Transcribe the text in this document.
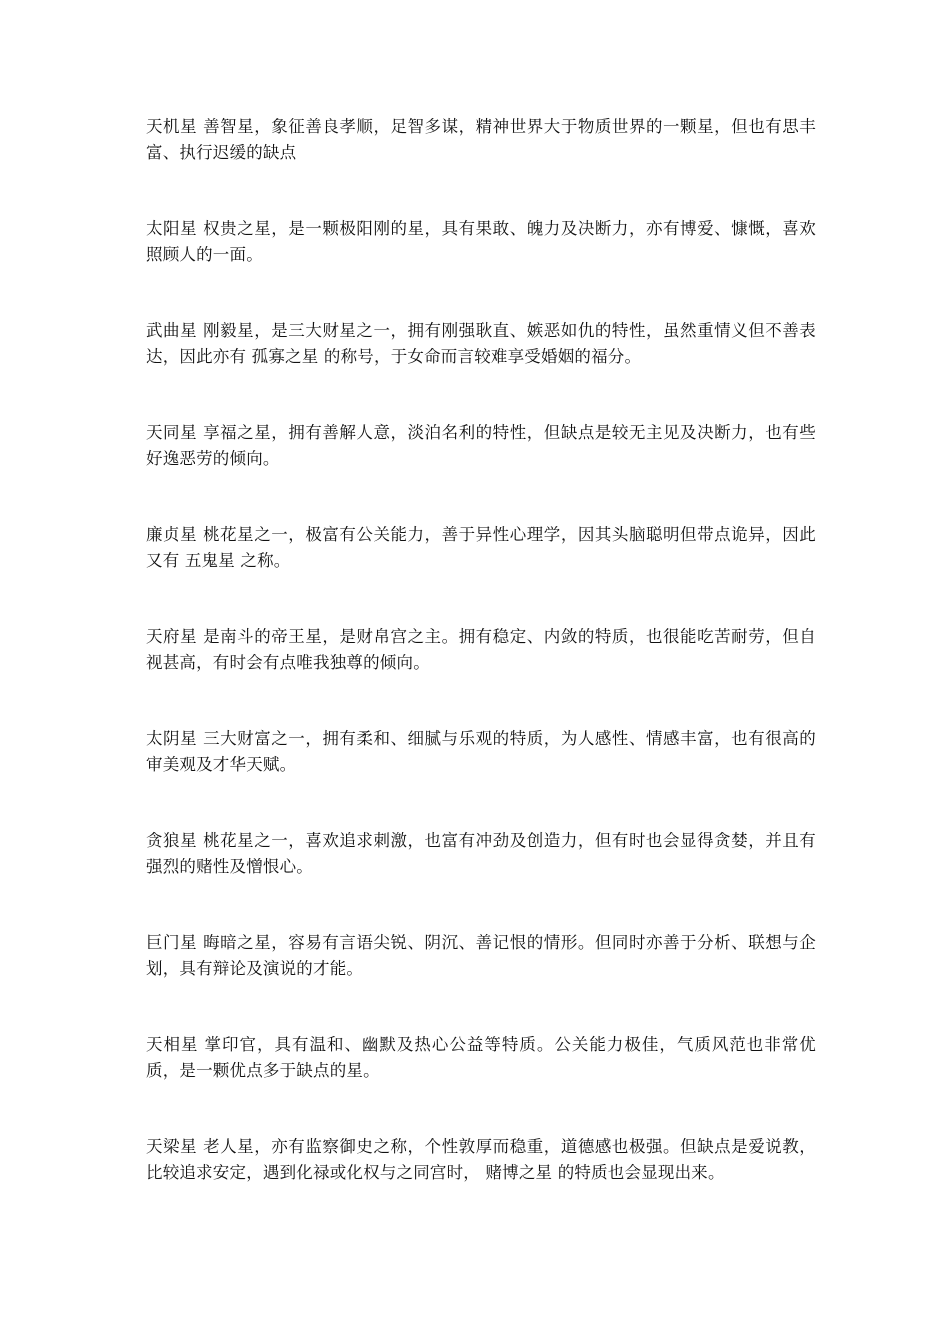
天机星 善智星，象征善良孝顺，足智多谋，精神世界大于物质世界的一颗星，但也有思丰富、执行迟缓的缺点

太阳星 权贵之星，是一颗极阳刚的星，具有果敢、魄力及决断力，亦有博爱、慷慨，喜欢照顾人的一面。

武曲星 刚毅星，是三大财星之一，拥有刚强耿直、嫉恶如仇的特性，虽然重情义但不善表达，因此亦有 孤寡之星 的称号，于女命而言较难享受婚姻的福分。

天同星 享福之星，拥有善解人意，淡泊名利的特性，但缺点是较无主见及决断力，也有些好逸恶劳的倾向。

廉贞星 桃花星之一，极富有公关能力，善于异性心理学，因其头脑聪明但带点诡异，因此又有 五鬼星 之称。

天府星 是南斗的帝王星，是财帛宫之主。拥有稳定、内敛的特质，也很能吃苦耐劳，但自视甚高，有时会有点唯我独尊的倾向。

太阴星 三大财富之一，拥有柔和、细腻与乐观的特质，为人感性、情感丰富，也有很高的审美观及才华天赋。

贪狼星 桃花星之一，喜欢追求刺激，也富有冲劲及创造力，但有时也会显得贪婪，并且有强烈的赌性及憎恨心。

巨门星 晦暗之星，容易有言语尖锐、阴沉、善记恨的情形。但同时亦善于分析、联想与企划，具有辩论及演说的才能。

天相星 掌印官，具有温和、幽默及热心公益等特质。公关能力极佳，气质风范也非常优质，是一颗优点多于缺点的星。

天梁星 老人星，亦有监察御史之称，个性敦厚而稳重，道德感也极强。但缺点是爱说教，比较追求安定，遇到化禄或化权与之同宫时， 赌博之星 的特质也会显现出来。
